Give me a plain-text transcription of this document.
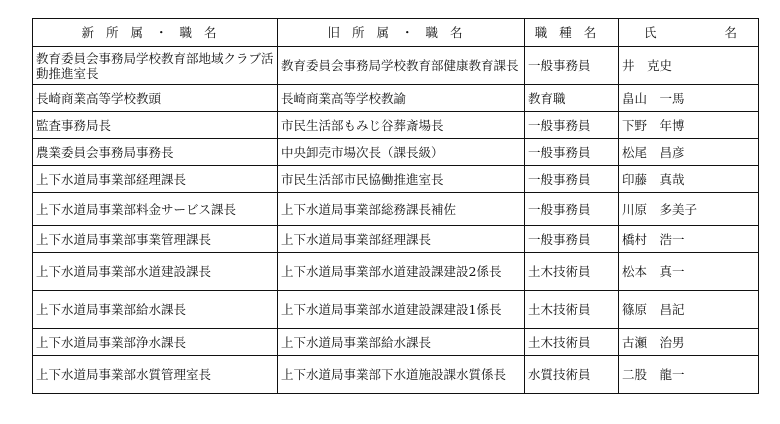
新所属・職名	旧所属・職名	職種名	氏 名

教育委員会事務局学校教育部地域クラブ活動推進室長	教育委員会事務局学校教育部健康教育課長	一般事務員	井　克史
長崎商業高等学校教頭	長崎商業高等学校教諭	教育職	畠山　一馬
監査事務局長	市民生活部もみじ谷葬斎場長	一般事務員	下野　年博
農業委員会事務局事務長	中央卸売市場次長（課長級）	一般事務員	松尾　昌彦
上下水道局事業部経理課長	市民生活部市民協働推進室長	一般事務員	印藤　真哉
上下水道局事業部料金サービス課長	上下水道局事業部総務課長補佐	一般事務員	川原　多美子
上下水道局事業部事業管理課長	上下水道局事業部経理課長	一般事務員	橋村　浩一
上下水道局事業部水道建設課長	上下水道局事業部水道建設課建設2係長	土木技術員	松本　真一
上下水道局事業部給水課長	上下水道局事業部水道建設課建設1係長	土木技術員	篠原　昌記
上下水道局事業部浄水課長	上下水道局事業部給水課長	土木技術員	古瀬　治男
上下水道局事業部水質管理室長	上下水道局事業部下水道施設課水質係長	水質技術員	二股　龍一
